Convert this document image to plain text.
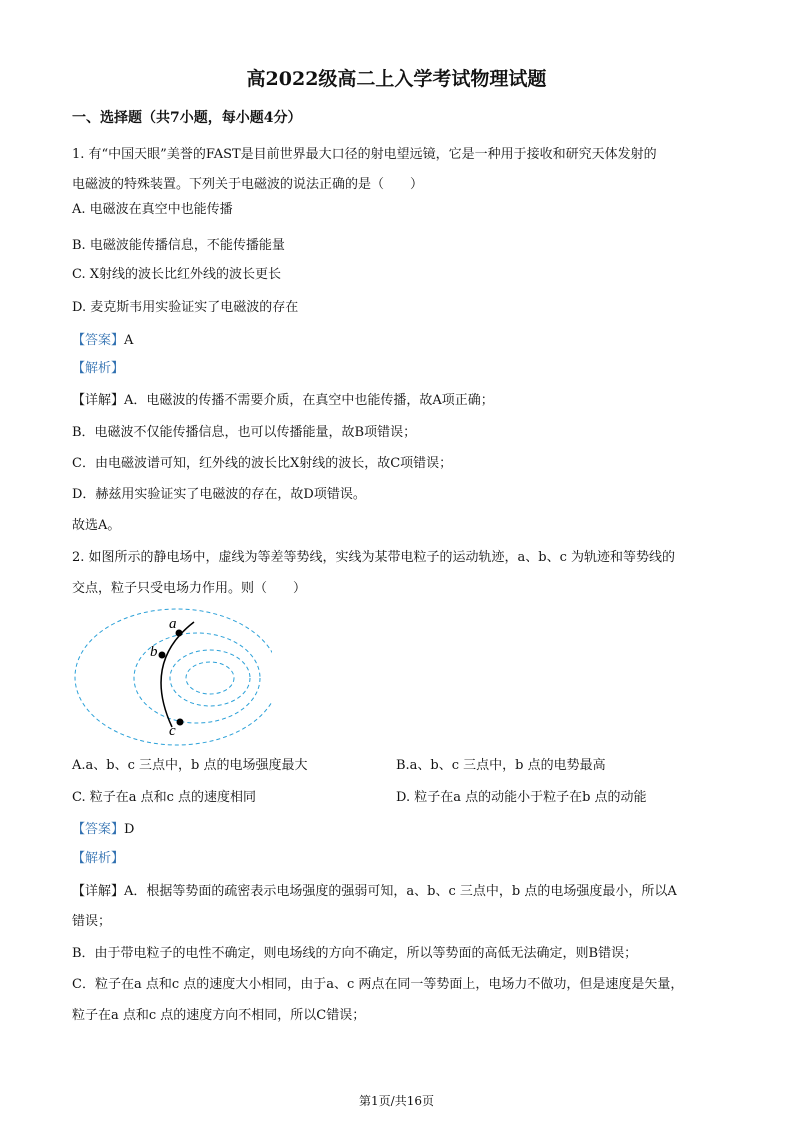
高2022级高二上入学考试物理试题
一、选择题（共7小题，每小题4分）
1. 有“中国天眼”美誉的FAST是目前世界最大口径的射电望远镜，它是一种用于接收和研究天体发射的
电磁波的特殊装置。下列关于电磁波的说法正确的是（　　）
A. 电磁波在真空中也能传播
B. 电磁波能传播信息，不能传播能量
C. X射线的波长比红外线的波长更长
D. 麦克斯韦用实验证实了电磁波的存在
【答案】A
【解析】
【详解】A．电磁波的传播不需要介质，在真空中也能传播，故A项正确；
B．电磁波不仅能传播信息，也可以传播能量，故B项错误；
C．由电磁波谱可知，红外线的波长比X射线的波长，故C项错误；
D．赫兹用实验证实了电磁波的存在，故D项错误。
故选A。
2. 如图所示的静电场中，虚线为等差等势线，实线为某带电粒子的运动轨迹，a、b、c 为轨迹和等势线的
交点，粒子只受电场力作用。则（　　）
a
b
c
A.a、b、c 三点中，b 点的电场强度最大	B.a、b、c 三点中，b 点的电势最高
C. 粒子在a 点和c 点的速度相同	D. 粒子在a 点的动能小于粒子在b 点的动能
【答案】D
【解析】
【详解】A．根据等势面的疏密表示电场强度的强弱可知，a、b、c 三点中，b 点的电场强度最小，所以A
错误；
B．由于带电粒子的电性不确定，则电场线的方向不确定，所以等势面的高低无法确定，则B错误；
C．粒子在a 点和c 点的速度大小相同，由于a、c 两点在同一等势面上，电场力不做功，但是速度是矢量，
粒子在a 点和c 点的速度方向不相同，所以C错误；
第1页/共16页
